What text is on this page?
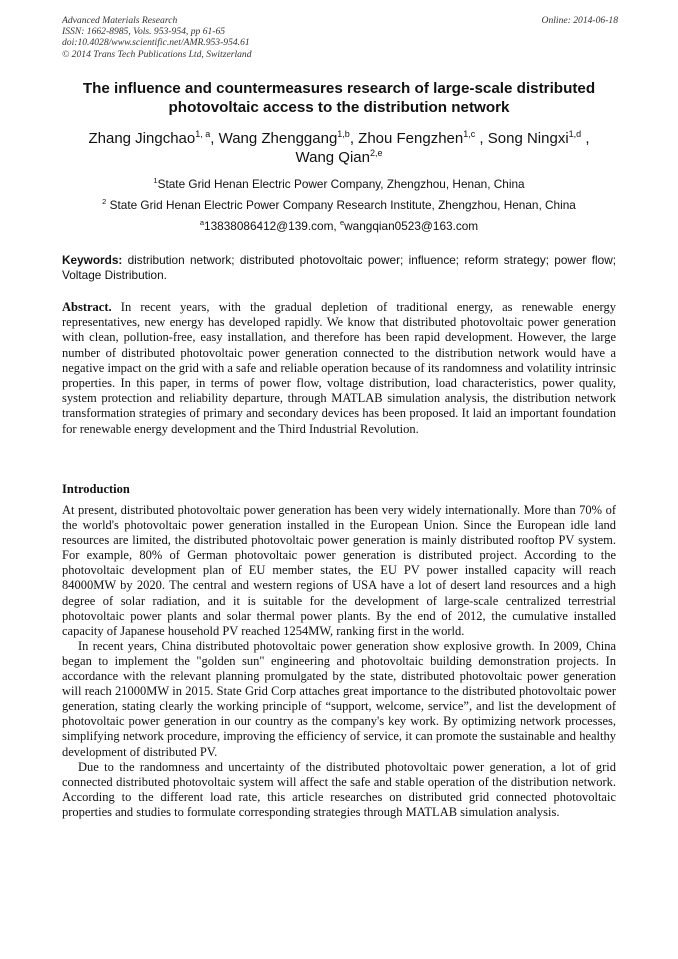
Advanced Materials Research
ISSN: 1662-8985, Vols. 953-954, pp 61-65
doi:10.4028/www.scientific.net/AMR.953-954.61
© 2014 Trans Tech Publications Ltd, Switzerland
Online: 2014-06-18
The influence and countermeasures research of large-scale distributed
photovoltaic access to the distribution network
Zhang Jingchao$^{1, a}$, Wang Zhenggang$^{1,b}$, Zhou Fengzhen$^{1,c}$ , Song Ningxi$^{1,d}$ ,
Wang Qian$^{2,e}$
$^1$State Grid Henan Electric Power Company, Zhengzhou, Henan, China
$^2$ State Grid Henan Electric Power Company Research Institute, Zhengzhou, Henan, China
$^a$13838086412@139.com, $^e$wangqian0523@163.com
Keywords: distribution network; distributed photovoltaic power; influence; reform strategy; power flow; Voltage Distribution.
Abstract. In recent years, with the gradual depletion of traditional energy, as renewable energy representatives, new energy has developed rapidly. We know that distributed photovoltaic power generation with clean, pollution-free, easy installation, and therefore has been rapid development. However, the large number of distributed photovoltaic power generation connected to the distribution network would have a negative impact on the grid with a safe and reliable operation because of its randomness and volatility intrinsic properties. In this paper, in terms of power flow, voltage distribution, load characteristics, power quality, system protection and reliability departure, through MATLAB simulation analysis, the distribution network transformation strategies of primary and secondary devices has been proposed. It laid an important foundation for renewable energy development and the Third Industrial Revolution.
Introduction

At present, distributed photovoltaic power generation has been very widely internationally. More than 70% of the world's photovoltaic power generation installed in the European Union. Since the European idle land resources are limited, the distributed photovoltaic power generation is mainly distributed rooftop PV system. For example, 80% of German photovoltaic power generation is distributed project. According to the photovoltaic development plan of EU member states, the EU PV power installed capacity will reach 84000MW by 2020. The central and western regions of USA have a lot of desert land resources and a high degree of solar radiation, and it is suitable for the development of large-scale centralized terrestrial photovoltaic power plants and solar thermal power plants. By the end of 2012, the cumulative installed capacity of Japanese household PV reached 1254MW, ranking first in the world.

In recent years, China distributed photovoltaic power generation show explosive growth. In 2009, China began to implement the "golden sun" engineering and photovoltaic building demonstration projects. In accordance with the relevant planning promulgated by the state, distributed photovoltaic power generation will reach 21000MW in 2015. State Grid Corp attaches great importance to the distributed photovoltaic power generation, stating clearly the working principle of “support, welcome, service”, and list the development of photovoltaic power generation in our country as the company's key work. By optimizing network processes, simplifying network procedure, improving the efficiency of service, it can promote the sustainable and healthy development of distributed PV.

Due to the randomness and uncertainty of the distributed photovoltaic power generation, a lot of grid connected distributed photovoltaic system will affect the safe and stable operation of the distribution network. According to the different load rate, this article researches on distributed grid connected photovoltaic properties and studies to formulate corresponding strategies through MATLAB simulation analysis.
